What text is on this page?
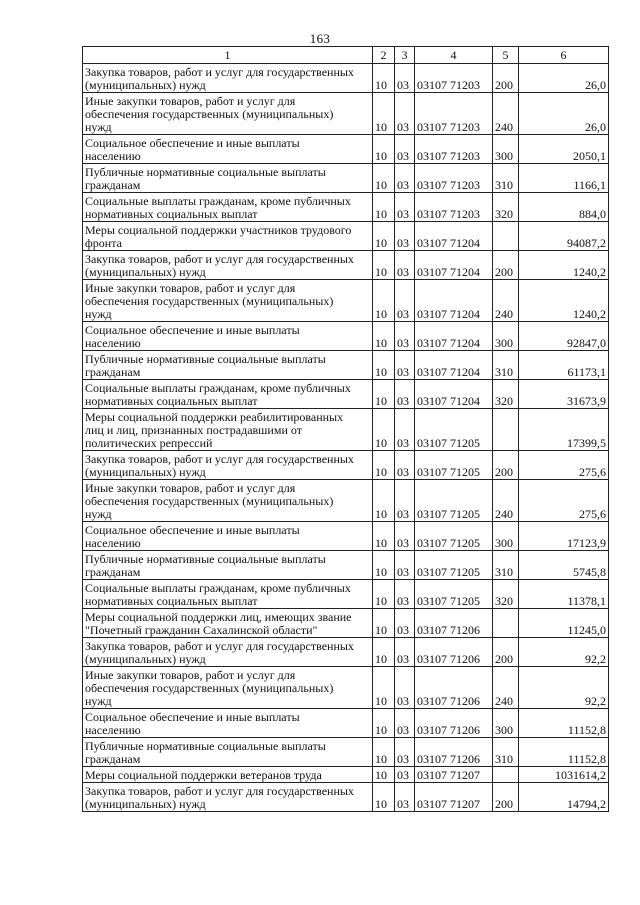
163
1	2	3	4	5	6

Закупка товаров, работ и услуг для государственных
(муниципальных) нужд	10	03	03107 71203	200	26,0

Иные закупки товаров, работ и услуг для
обеспечения государственных (муниципальных)
нужд	10	03	03107 71203	240	26,0

Социальное обеспечение и иные выплаты
населению	10	03	03107 71203	300	2050,1

Публичные нормативные социальные выплаты
гражданам	10	03	03107 71203	310	1166,1

Социальные выплаты гражданам, кроме публичных
нормативных социальных выплат	10	03	03107 71203	320	884,0

Меры социальной поддержки участников трудового
фронта	10	03	03107 71204		94087,2

Закупка товаров, работ и услуг для государственных
(муниципальных) нужд	10	03	03107 71204	200	1240,2

Иные закупки товаров, работ и услуг для
обеспечения государственных (муниципальных)
нужд	10	03	03107 71204	240	1240,2

Социальное обеспечение и иные выплаты
населению	10	03	03107 71204	300	92847,0

Публичные нормативные социальные выплаты
гражданам	10	03	03107 71204	310	61173,1

Социальные выплаты гражданам, кроме публичных
нормативных социальных выплат	10	03	03107 71204	320	31673,9

Меры социальной поддержки реабилитированных
лиц и лиц, признанных пострадавшими от
политических репрессий	10	03	03107 71205		17399,5

Закупка товаров, работ и услуг для государственных
(муниципальных) нужд	10	03	03107 71205	200	275,6

Иные закупки товаров, работ и услуг для
обеспечения государственных (муниципальных)
нужд	10	03	03107 71205	240	275,6

Социальное обеспечение и иные выплаты
населению	10	03	03107 71205	300	17123,9

Публичные нормативные социальные выплаты
гражданам	10	03	03107 71205	310	5745,8

Социальные выплаты гражданам, кроме публичных
нормативных социальных выплат	10	03	03107 71205	320	11378,1

Меры социальной поддержки лиц, имеющих звание
"Почетный гражданин Сахалинской области"	10	03	03107 71206		11245,0

Закупка товаров, работ и услуг для государственных
(муниципальных) нужд	10	03	03107 71206	200	92,2

Иные закупки товаров, работ и услуг для
обеспечения государственных (муниципальных)
нужд	10	03	03107 71206	240	92,2

Социальное обеспечение и иные выплаты
населению	10	03	03107 71206	300	11152,8

Публичные нормативные социальные выплаты
гражданам	10	03	03107 71206	310	11152,8

Меры социальной поддержки ветеранов труда	10	03	03107 71207		1031614,2

Закупка товаров, работ и услуг для государственных
(муниципальных) нужд	10	03	03107 71207	200	14794,2
